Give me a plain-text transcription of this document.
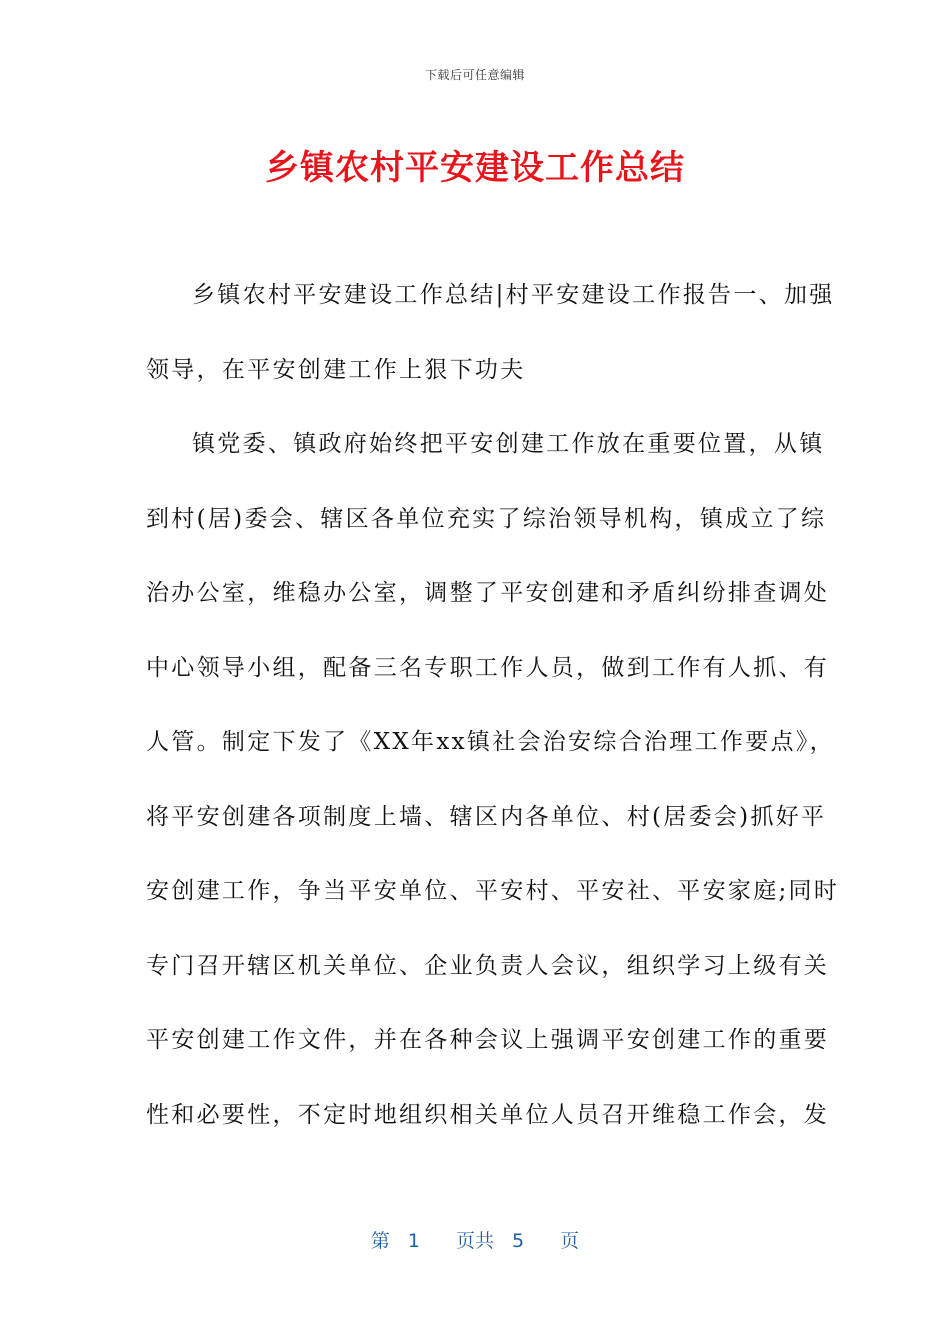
下载后可任意编辑
乡镇农村平安建设工作总结
乡镇农村平安建设工作总结|村平安建设工作报告一、加强
领导，在平安创建工作上狠下功夫
镇党委、镇政府始终把平安创建工作放在重要位置，从镇
到村(居)委会、辖区各单位充实了综治领导机构，镇成立了综
治办公室，维稳办公室，调整了平安创建和矛盾纠纷排查调处
中心领导小组，配备三名专职工作人员，做到工作有人抓、有
人管。制定下发了《XX年xx镇社会治安综合治理工作要点》，
将平安创建各项制度上墙、辖区内各单位、村(居委会)抓好平
安创建工作，争当平安单位、平安村、平安社、平安家庭;同时
专门召开辖区机关单位、企业负责人会议，组织学习上级有关
平安创建工作文件，并在各种会议上强调平安创建工作的重要
性和必要性，不定时地组织相关单位人员召开维稳工作会，发
第 1 页共 5 页
